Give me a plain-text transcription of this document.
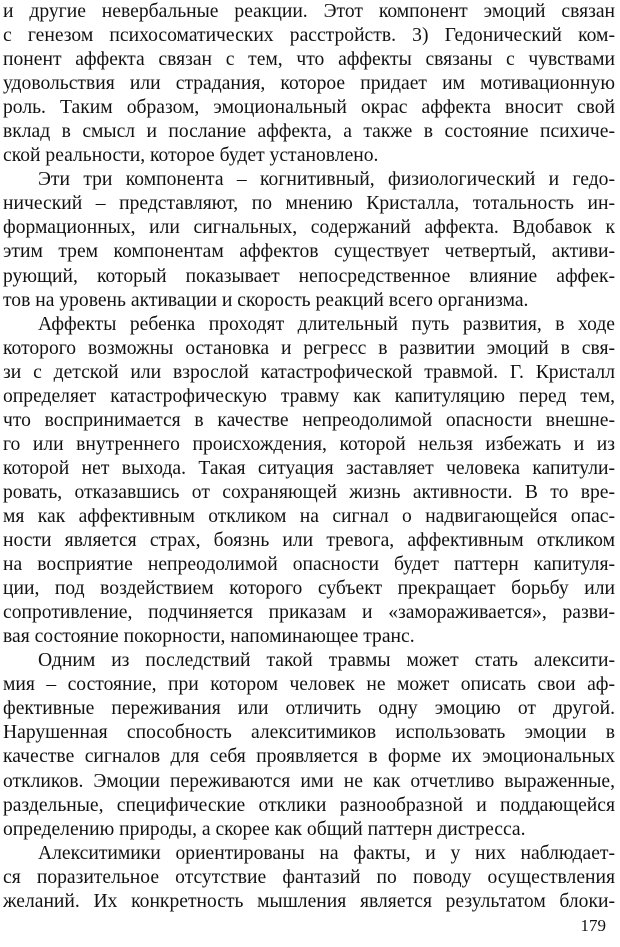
и другие невербальные реакции. Этот компонент эмоций связан
с генезом психосоматических расстройств. 3) Гедонический ком-
понент аффекта связан с тем, что аффекты связаны с чувствами
удовольствия или страдания, которое придает им мотивационную
роль. Таким образом, эмоциональный окрас аффекта вносит свой
вклад в смысл и послание аффекта, а также в состояние психиче-
ской реальности, которое будет установлено.
Эти три компонента – когнитивный, физиологический и гедо-
нический – представляют, по мнению Кристалла, тотальность ин-
формационных, или сигнальных, содержаний аффекта. Вдобавок к
этим трем компонентам аффектов существует четвертый, активи-
рующий, который показывает непосредственное влияние аффек-
тов на уровень активации и скорость реакций всего организма.
Аффекты ребенка проходят длительный путь развития, в ходе
которого возможны остановка и регресс в развитии эмоций в свя-
зи с детской или взрослой катастрофической травмой. Г. Кристалл
определяет катастрофическую травму как капитуляцию перед тем,
что воспринимается в качестве непреодолимой опасности внешне-
го или внутреннего происхождения, которой нельзя избежать и из
которой нет выхода. Такая ситуация заставляет человека капитули-
ровать, отказавшись от сохраняющей жизнь активности. В то вре-
мя как аффективным откликом на сигнал о надвигающейся опас-
ности является страх, боязнь или тревога, аффективным откликом
на восприятие непреодолимой опасности будет паттерн капитуля-
ции, под воздействием которого субъект прекращает борьбу или
сопротивление, подчиняется приказам и «замораживается», разви-
вая состояние покорности, напоминающее транс.
Одним из последствий такой травмы может стать алексити-
мия – состояние, при котором человек не может описать свои аф-
фективные переживания или отличить одну эмоцию от другой.
Нарушенная способность алекситимиков использовать эмоции в
качестве сигналов для себя проявляется в форме их эмоциональных
откликов. Эмоции переживаются ими не как отчетливо выраженные,
раздельные, специфические отклики разнообразной и поддающейся
определению природы, а скорее как общий паттерн дистресса.
Алекситимики ориентированы на факты, и у них наблюдает-
ся поразительное отсутствие фантазий по поводу осуществления
желаний. Их конкретность мышления является результатом блоки-
179
